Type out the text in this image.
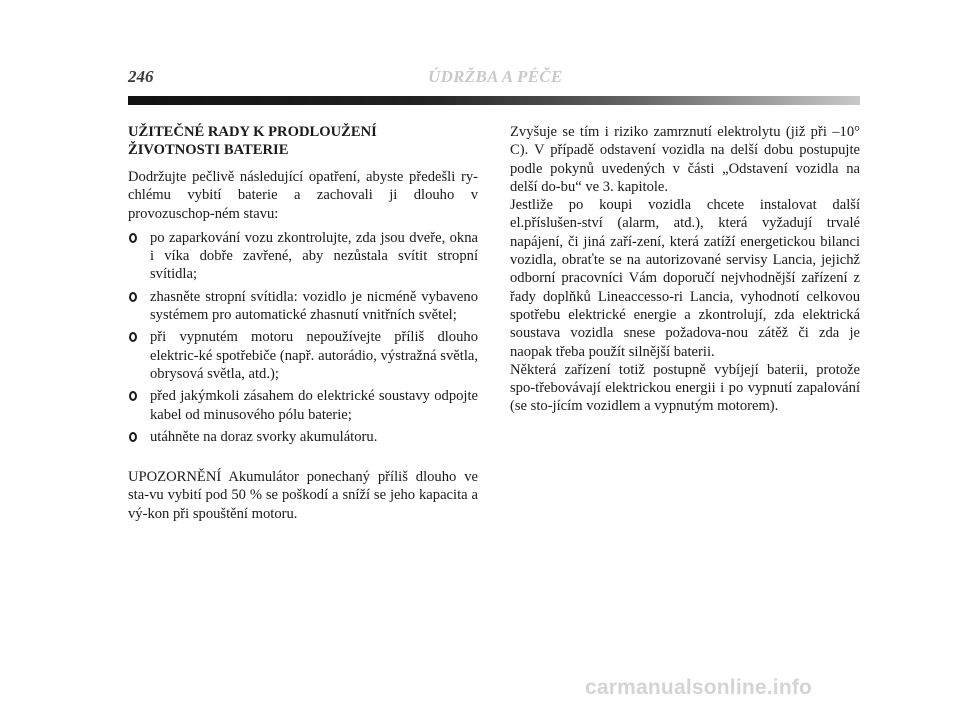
246	ÚDRŽBA A PÉČE
UŽITEČNÉ RADY K PRODLOUŽENÍ
ŽIVOTNOSTI BATERIE

Dodržujte pečlivě následující opatření, abyste předešli ry-chlému vybití baterie a zachovali ji dlouho v provozuschop-ném stavu:

po zaparkování vozu zkontrolujte, zda jsou dveře, okna i víka dobře zavřené, aby nezůstala svítit stropní svítidla;
zhasněte stropní svítidla: vozidlo je nicméně vybaveno systémem pro automatické zhasnutí vnitřních světel;
při vypnutém motoru nepoužívejte příliš dlouho elektric-ké spotřebiče (např. autorádio, výstražná světla, obrysová světla, atd.);
před jakýmkoli zásahem do elektrické soustavy odpojte kabel od minusového pólu baterie;
utáhněte na doraz svorky akumulátoru.

UPOZORNĚNÍ Akumulátor ponechaný příliš dlouho ve sta-vu vybití pod 50 % se poškodí a sníží se jeho kapacita a vý-kon při spouštění motoru.

Zvyšuje se tím i riziko zamrznutí elektrolytu (již při –10° C). V případě odstavení vozidla na delší dobu postupujte podle pokynů uvedených v části „Odstavení vozidla na delší do-bu“ ve 3. kapitole.

Jestliže po koupi vozidla chcete instalovat další el.příslušen-ství (alarm, atd.), která vyžadují trvalé napájení, či jiná zaří-zení, která zatíží energetickou bilanci vozidla, obraťte se na autorizované servisy Lancia, jejichž odborní pracovníci Vám doporučí nejvhodnější zařízení z řady doplňků Lineaccesso-ri Lancia, vyhodnotí celkovou spotřebu elektrické energie a zkontrolují, zda elektrická soustava vozidla snese požadova-nou zátěž či zda je naopak třeba použít silnější baterii.

Některá zařízení totiž postupně vybíjejí baterii, protože spo-třebovávají elektrickou energii i po vypnutí zapalování (se sto-jícím vozidlem a vypnutým motorem).

carmanualsonline.info
